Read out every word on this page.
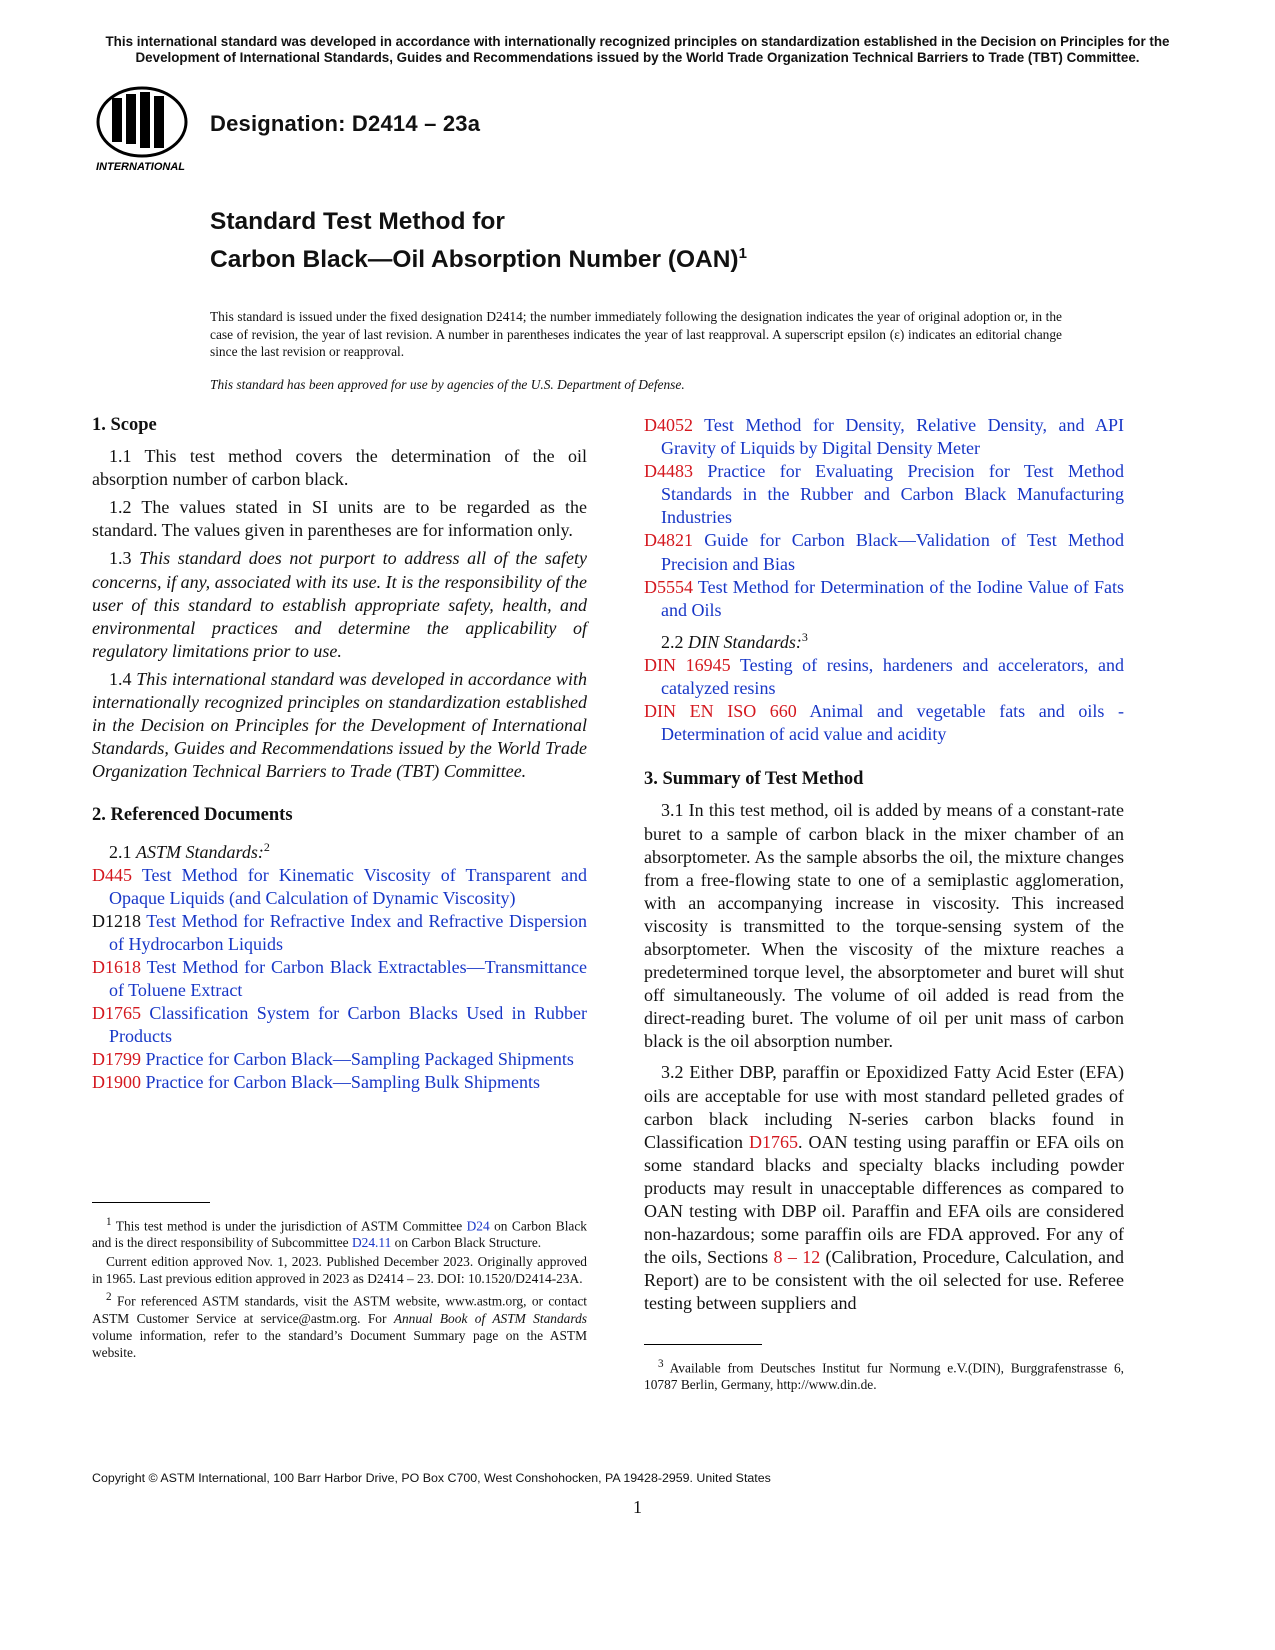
This international standard was developed in accordance with internationally recognized principles on standardization established in the Decision on Principles for the Development of International Standards, Guides and Recommendations issued by the World Trade Organization Technical Barriers to Trade (TBT) Committee.
INTERNATIONAL
Designation: D2414 – 23a
Standard Test Method for
Carbon Black—Oil Absorption Number (OAN)$^1$
This standard is issued under the fixed designation D2414; the number immediately following the designation indicates the year of original adoption or, in the case of revision, the year of last revision. A number in parentheses indicates the year of last reapproval. A superscript epsilon (ε) indicates an editorial change since the last revision or reapproval.
This standard has been approved for use by agencies of the U.S. Department of Defense.
1. Scope

1.1 This test method covers the determination of the oil absorption number of carbon black.

1.2 The values stated in SI units are to be regarded as the standard. The values given in parentheses are for information only.

1.3 This standard does not purport to address all of the safety concerns, if any, associated with its use. It is the responsibility of the user of this standard to establish appropriate safety, health, and environmental practices and determine the applicability of regulatory limitations prior to use.

1.4 This international standard was developed in accordance with internationally recognized principles on standardization established in the Decision on Principles for the Development of International Standards, Guides and Recommendations issued by the World Trade Organization Technical Barriers to Trade (TBT) Committee.

2. Referenced Documents
2.1 ASTM Standards:$^2$

D445 Test Method for Kinematic Viscosity of Transparent and Opaque Liquids (and Calculation of Dynamic Viscosity)

D1218 Test Method for Refractive Index and Refractive Dispersion of Hydrocarbon Liquids

D1618 Test Method for Carbon Black Extractables—Transmittance of Toluene Extract

D1765 Classification System for Carbon Blacks Used in Rubber Products

D1799 Practice for Carbon Black—Sampling Packaged Shipments

D1900 Practice for Carbon Black—Sampling Bulk Shipments

D4052 Test Method for Density, Relative Density, and API Gravity of Liquids by Digital Density Meter

D4483 Practice for Evaluating Precision for Test Method Standards in the Rubber and Carbon Black Manufacturing Industries

D4821 Guide for Carbon Black—Validation of Test Method Precision and Bias

D5554 Test Method for Determination of the Iodine Value of Fats and Oils

2.2 DIN Standards:$^3$

DIN 16945 Testing of resins, hardeners and accelerators, and catalyzed resins

DIN EN ISO 660 Animal and vegetable fats and oils - Determination of acid value and acidity

3. Summary of Test Method

3.1 In this test method, oil is added by means of a constant-rate buret to a sample of carbon black in the mixer chamber of an absorptometer. As the sample absorbs the oil, the mixture changes from a free-flowing state to one of a semiplastic agglomeration, with an accompanying increase in viscosity. This increased viscosity is transmitted to the torque-sensing system of the absorptometer. When the viscosity of the mixture reaches a predetermined torque level, the absorptometer and buret will shut off simultaneously. The volume of oil added is read from the direct-reading buret. The volume of oil per unit mass of carbon black is the oil absorption number.

3.2 Either DBP, paraffin or Epoxidized Fatty Acid Ester (EFA) oils are acceptable for use with most standard pelleted grades of carbon black including N-series carbon blacks found in Classification D1765. OAN testing using paraffin or EFA oils on some standard blacks and specialty blacks including powder products may result in unacceptable differences as compared to OAN testing with DBP oil. Paraffin and EFA oils are considered non-hazardous; some paraffin oils are FDA approved. For any of the oils, Sections 8 – 12 (Calibration, Procedure, Calculation, and Report) are to be consistent with the oil selected for use. Referee testing between suppliers and

$^1$ This test method is under the jurisdiction of ASTM Committee D24 on Carbon Black and is the direct responsibility of Subcommittee D24.11 on Carbon Black Structure.

Current edition approved Nov. 1, 2023. Published December 2023. Originally approved in 1965. Last previous edition approved in 2023 as D2414 – 23. DOI: 10.1520/D2414-23A.

$^2$ For referenced ASTM standards, visit the ASTM website, www.astm.org, or contact ASTM Customer Service at service@astm.org. For Annual Book of ASTM Standards volume information, refer to the standard’s Document Summary page on the ASTM website.

$^3$ Available from Deutsches Institut fur Normung e.V.(DIN), Burggrafenstrasse 6, 10787 Berlin, Germany, http://www.din.de.

Copyright © ASTM International, 100 Barr Harbor Drive, PO Box C700, West Conshohocken, PA 19428-2959. United States
1
